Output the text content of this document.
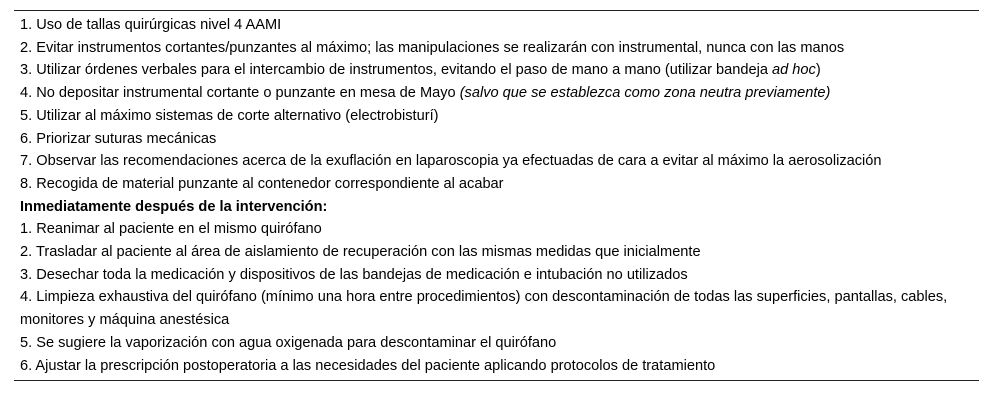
1. Uso de tallas quirúrgicas nivel 4 AAMI
2. Evitar instrumentos cortantes/punzantes al máximo; las manipulaciones se realizarán con instrumental, nunca con las manos
3. Utilizar órdenes verbales para el intercambio de instrumentos, evitando el paso de mano a mano (utilizar bandeja ad hoc)
4. No depositar instrumental cortante o punzante en mesa de Mayo (salvo que se establezca como zona neutra previamente)
5. Utilizar al máximo sistemas de corte alternativo (electrobisturí)
6. Priorizar suturas mecánicas
7. Observar las recomendaciones acerca de la exuflación en laparoscopia ya efectuadas de cara a evitar al máximo la aerosolización
8. Recogida de material punzante al contenedor correspondiente al acabar
Inmediatamente después de la intervención:
1. Reanimar al paciente en el mismo quirófano
2. Trasladar al paciente al área de aislamiento de recuperación con las mismas medidas que inicialmente
3. Desechar toda la medicación y dispositivos de las bandejas de medicación e intubación no utilizados
4. Limpieza exhaustiva del quirófano (mínimo una hora entre procedimientos) con descontaminación de todas las superficies, pantallas, cables, monitores y máquina anestésica
5. Se sugiere la vaporización con agua oxigenada para descontaminar el quirófano
6. Ajustar la prescripción postoperatoria a las necesidades del paciente aplicando protocolos de tratamiento
